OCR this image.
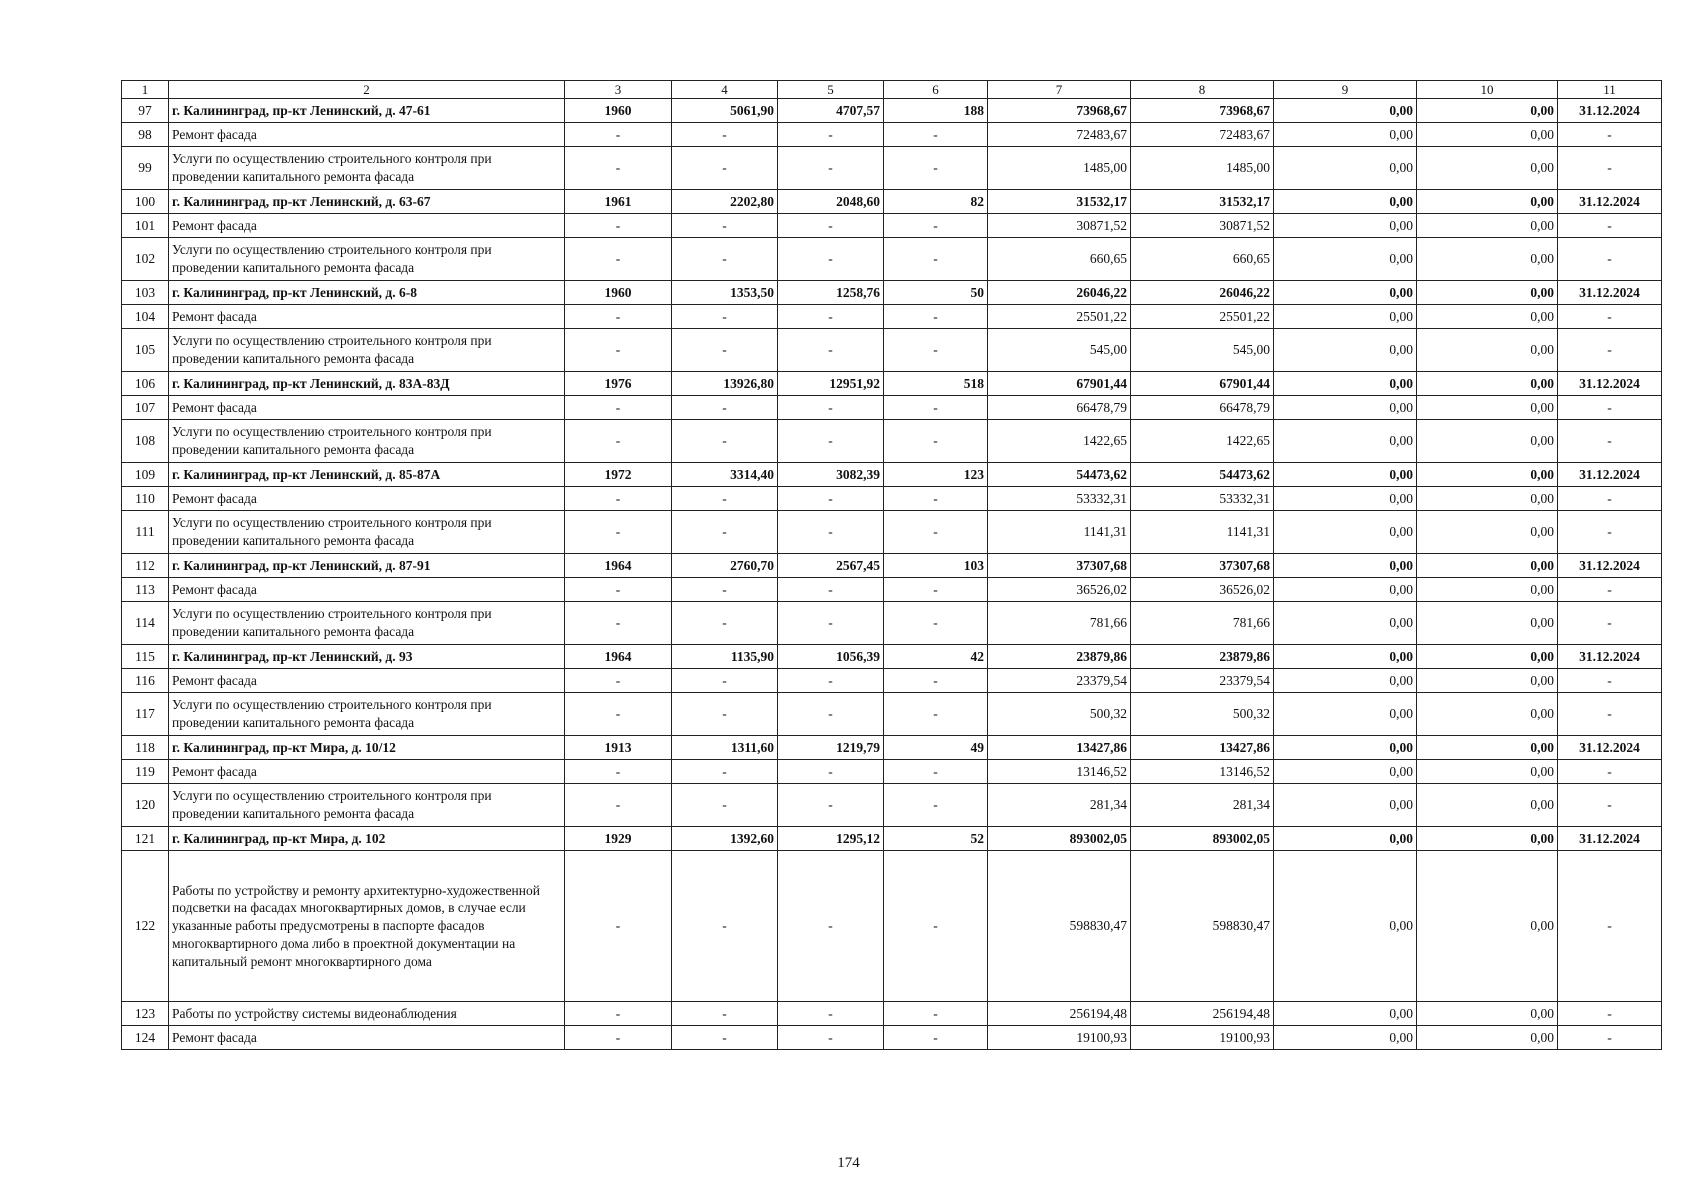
1	2	3	4	5	6	7	8	9	10	11
97	г. Калининград, пр-кт Ленинский, д. 47-61	1960	5061,90	4707,57	188	73968,67	73968,67	0,00	0,00	31.12.2024
98	Ремонт фасада	-	-	-	-	72483,67	72483,67	0,00	0,00	-
99	Услуги по осуществлению строительного контроля при проведении капитального ремонта фасада	-	-	-	-	1485,00	1485,00	0,00	0,00	-
100	г. Калининград, пр-кт Ленинский, д. 63-67	1961	2202,80	2048,60	82	31532,17	31532,17	0,00	0,00	31.12.2024
101	Ремонт фасада	-	-	-	-	30871,52	30871,52	0,00	0,00	-
102	Услуги по осуществлению строительного контроля при проведении капитального ремонта фасада	-	-	-	-	660,65	660,65	0,00	0,00	-
103	г. Калининград, пр-кт Ленинский, д. 6-8	1960	1353,50	1258,76	50	26046,22	26046,22	0,00	0,00	31.12.2024
104	Ремонт фасада	-	-	-	-	25501,22	25501,22	0,00	0,00	-
105	Услуги по осуществлению строительного контроля при проведении капитального ремонта фасада	-	-	-	-	545,00	545,00	0,00	0,00	-
106	г. Калининград, пр-кт Ленинский, д. 83А-83Д	1976	13926,80	12951,92	518	67901,44	67901,44	0,00	0,00	31.12.2024
107	Ремонт фасада	-	-	-	-	66478,79	66478,79	0,00	0,00	-
108	Услуги по осуществлению строительного контроля при проведении капитального ремонта фасада	-	-	-	-	1422,65	1422,65	0,00	0,00	-
109	г. Калининград, пр-кт Ленинский, д. 85-87А	1972	3314,40	3082,39	123	54473,62	54473,62	0,00	0,00	31.12.2024
110	Ремонт фасада	-	-	-	-	53332,31	53332,31	0,00	0,00	-
111	Услуги по осуществлению строительного контроля при проведении капитального ремонта фасада	-	-	-	-	1141,31	1141,31	0,00	0,00	-
112	г. Калининград, пр-кт Ленинский, д. 87-91	1964	2760,70	2567,45	103	37307,68	37307,68	0,00	0,00	31.12.2024
113	Ремонт фасада	-	-	-	-	36526,02	36526,02	0,00	0,00	-
114	Услуги по осуществлению строительного контроля при проведении капитального ремонта фасада	-	-	-	-	781,66	781,66	0,00	0,00	-
115	г. Калининград, пр-кт Ленинский, д. 93	1964	1135,90	1056,39	42	23879,86	23879,86	0,00	0,00	31.12.2024
116	Ремонт фасада	-	-	-	-	23379,54	23379,54	0,00	0,00	-
117	Услуги по осуществлению строительного контроля при проведении капитального ремонта фасада	-	-	-	-	500,32	500,32	0,00	0,00	-
118	г. Калининград, пр-кт Мира, д. 10/12	1913	1311,60	1219,79	49	13427,86	13427,86	0,00	0,00	31.12.2024
119	Ремонт фасада	-	-	-	-	13146,52	13146,52	0,00	0,00	-
120	Услуги по осуществлению строительного контроля при проведении капитального ремонта фасада	-	-	-	-	281,34	281,34	0,00	0,00	-
121	г. Калининград, пр-кт Мира, д. 102	1929	1392,60	1295,12	52	893002,05	893002,05	0,00	0,00	31.12.2024
122	Работы по устройству и ремонту архитектурно-художественной подсветки на фасадах многоквартирных домов, в случае если указанные работы предусмотрены в паспорте фасадов многоквартирного дома либо в проектной документации на капитальный ремонт многоквартирного дома	-	-	-	-	598830,47	598830,47	0,00	0,00	-
123	Работы по устройству системы видеонаблюдения	-	-	-	-	256194,48	256194,48	0,00	0,00	-
124	Ремонт фасада	-	-	-	-	19100,93	19100,93	0,00	0,00	-
174
